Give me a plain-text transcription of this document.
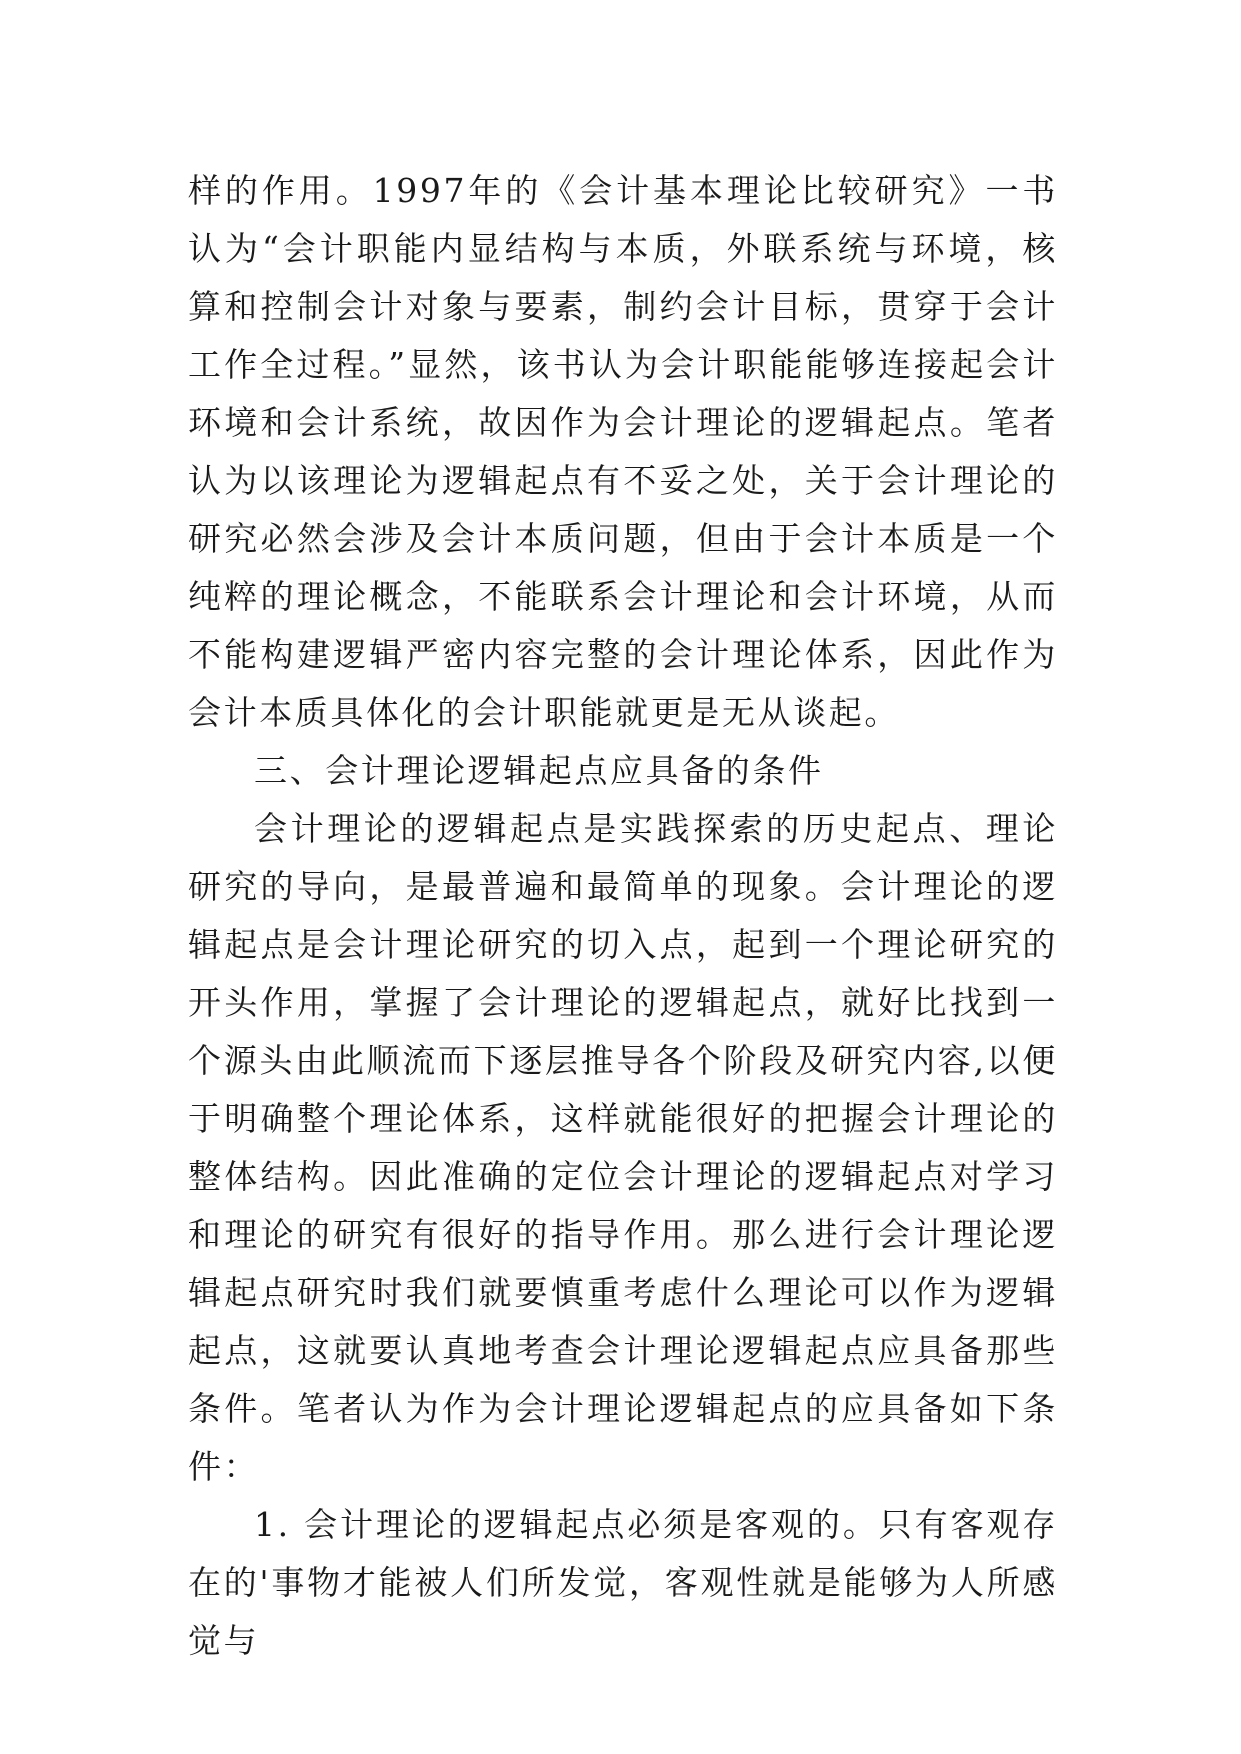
样的作用。1997年的《会计基本理论比较研究》一书认为“会计职能内显结构与本质，外联系统与环境，核算和控制会计对象与要素，制约会计目标，贯穿于会计工作全过程。”显然，该书认为会计职能能够连接起会计环境和会计系统，故因作为会计理论的逻辑起点。笔者认为以该理论为逻辑起点有不妥之处，关于会计理论的研究必然会涉及会计本质问题，但由于会计本质是一个纯粹的理论概念，不能联系会计理论和会计环境，从而不能构建逻辑严密内容完整的会计理论体系，因此作为会计本质具体化的会计职能就更是无从谈起。

三、会计理论逻辑起点应具备的条件

会计理论的逻辑起点是实践探索的历史起点、理论研究的导向，是最普遍和最简单的现象。会计理论的逻辑起点是会计理论研究的切入点，起到一个理论研究的开头作用，掌握了会计理论的逻辑起点，就好比找到一个源头由此顺流而下逐层推导各个阶段及研究内容,以便于明确整个理论体系，这样就能很好的把握会计理论的整体结构。因此准确的定位会计理论的逻辑起点对学习和理论的研究有很好的指导作用。那么进行会计理论逻辑起点研究时我们就要慎重考虑什么理论可以作为逻辑起点，这就要认真地考查会计理论逻辑起点应具备那些条件。笔者认为作为会计理论逻辑起点的应具备如下条件：

1. 会计理论的逻辑起点必须是客观的。只有客观存在的'事物才能被人们所发觉，客观性就是能够为人所感觉与
